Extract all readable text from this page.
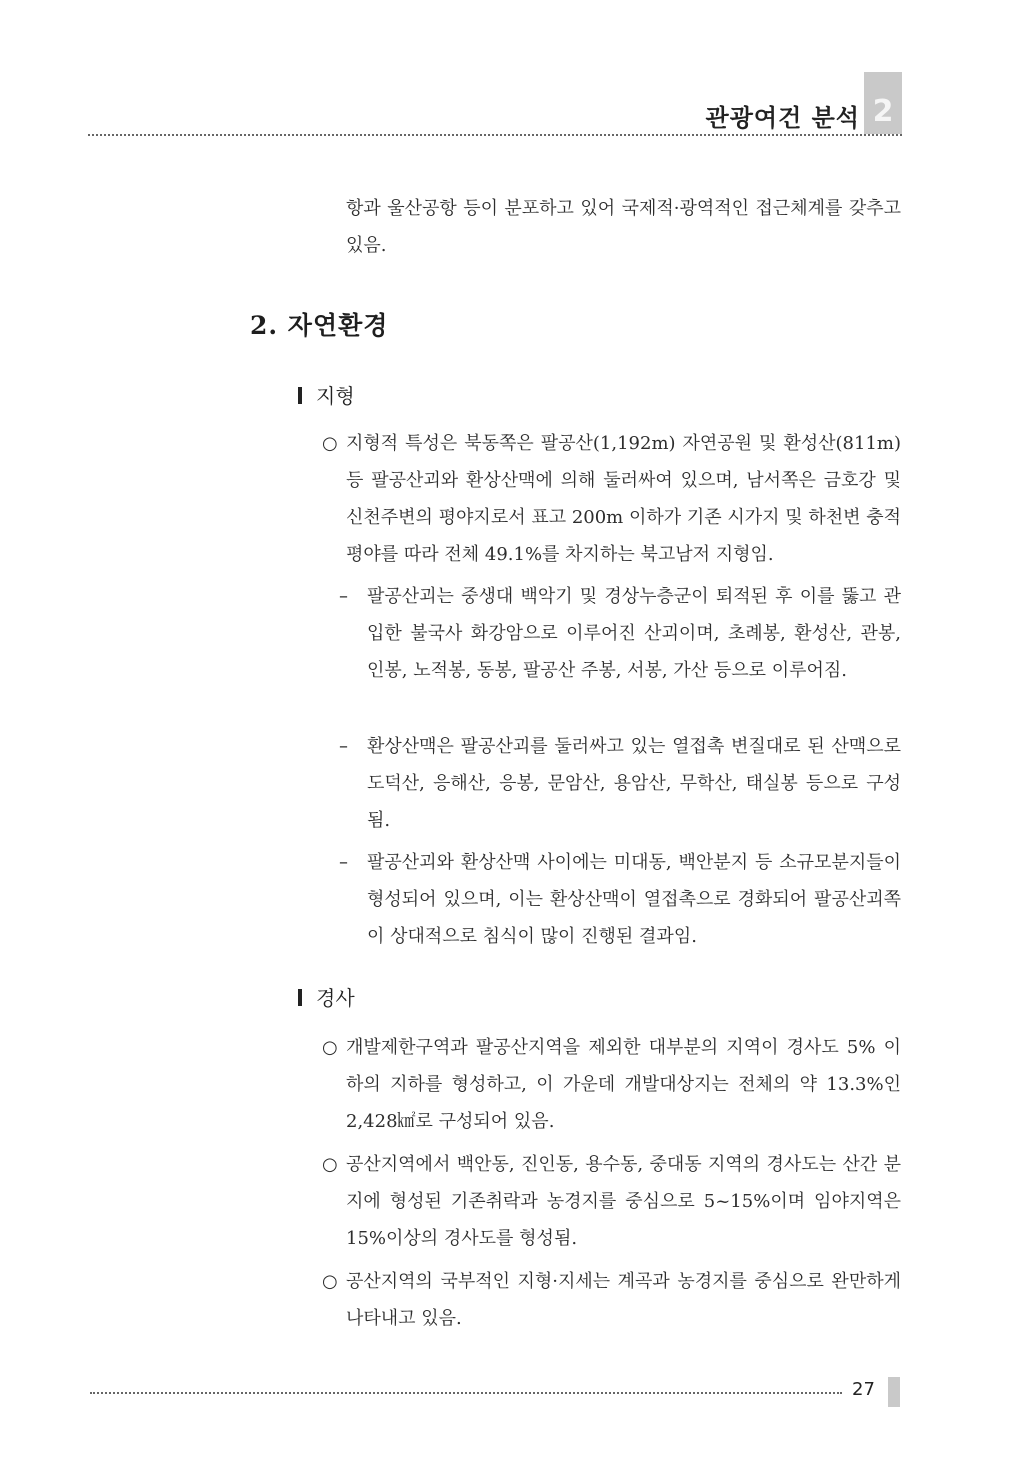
관광여건 분석 2
항과 울산공항 등이 분포하고 있어 국제적·광역적인 접근체계를 갖추고 있음.
2. 자연환경
지형
○ 지형적 특성은 북동쪽은 팔공산(1,192m) 자연공원 및 환성산(811m) 등 팔공산괴와 환상산맥에 의해 둘러싸여 있으며, 남서쪽은 금호강 및 신천주변의 평야지로서 표고 200m 이하가 기존 시가지 및 하천변 충적평야를 따라 전체 49.1%를 차지하는 북고남저 지형임.
– 팔공산괴는 중생대 백악기 및 경상누층군이 퇴적된 후 이를 뚫고 관입한 불국사 화강암으로 이루어진 산괴이며, 초례봉, 환성산, 관봉, 인봉, 노적봉, 동봉, 팔공산 주봉, 서봉, 가산 등으로 이루어짐.
– 환상산맥은 팔공산괴를 둘러싸고 있는 열접촉 변질대로 된 산맥으로 도덕산, 응해산, 응봉, 문암산, 용암산, 무학산, 태실봉 등으로 구성됨.
– 팔공산괴와 환상산맥 사이에는 미대동, 백안분지 등 소규모분지들이 형성되어 있으며, 이는 환상산맥이 열접촉으로 경화되어 팔공산괴쪽이 상대적으로 침식이 많이 진행된 결과임.
경사
○ 개발제한구역과 팔공산지역을 제외한 대부분의 지역이 경사도 5% 이하의 지하를 형성하고, 이 가운데 개발대상지는 전체의 약 13.3%인 2,428㎢로 구성되어 있음.
○ 공산지역에서 백안동, 진인동, 용수동, 중대동 지역의 경사도는 산간 분지에 형성된 기존취락과 농경지를 중심으로 5~15%이며 임야지역은 15%이상의 경사도를 형성됨.
○ 공산지역의 국부적인 지형·지세는 계곡과 농경지를 중심으로 완만하게 나타내고 있음.
27
